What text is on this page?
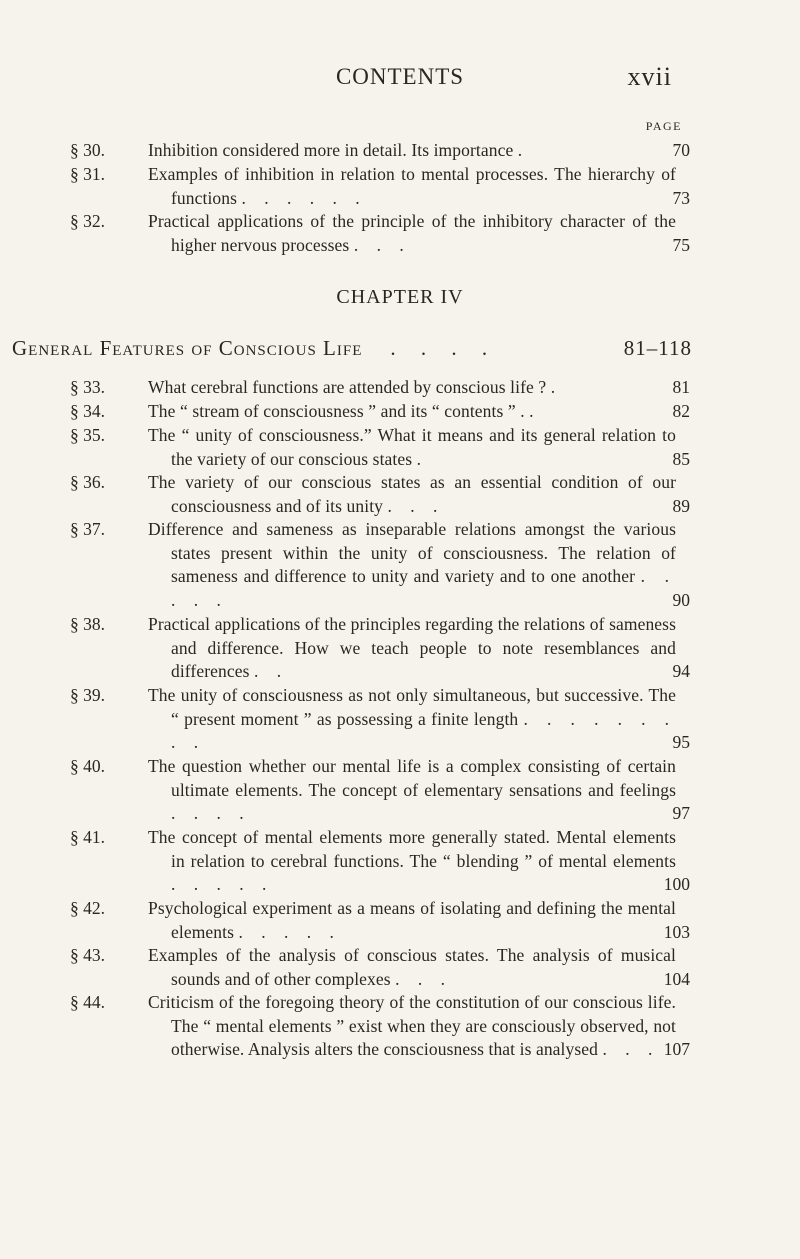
CONTENTS	xvii
PAGE
§ 30.	Inhibition considered more in detail. Its importance .	70
§ 31.	Examples of inhibition in relation to mental processes. The hierarchy of functions . . . . . .	73
§ 32.	Practical applications of the principle of the inhibitory character of the higher nervous processes . . .	75
CHAPTER IV
General Features of Conscious Life . . . .	81–118
§ 33.	What cerebral functions are attended by conscious life ? .	81
§ 34.	The “ stream of consciousness ” and its “ contents ” . .	82
§ 35.	The “ unity of consciousness.” What it means and its general relation to the variety of our conscious states .	85
§ 36.	The variety of our conscious states as an essential condition of our consciousness and of its unity . . .	89
§ 37.	Difference and sameness as inseparable relations amongst the various states present within the unity of consciousness. The relation of sameness and difference to unity and variety and to one another . . . . .	90
§ 38.	Practical applications of the principles regarding the relations of sameness and difference. How we teach people to note resemblances and differences . .	94
§ 39.	The unity of consciousness as not only simultaneous, but successive. The “ present moment ” as possessing a finite length . . . . . . . . .	95
§ 40.	The question whether our mental life is a complex consisting of certain ultimate elements. The concept of elementary sensations and feelings . . . .	97
§ 41.	The concept of mental elements more generally stated. Mental elements in relation to cerebral functions. The “ blending ” of mental elements . . . . .	100
§ 42.	Psychological experiment as a means of isolating and defining the mental elements . . . . .	103
§ 43.	Examples of the analysis of conscious states. The analysis of musical sounds and of other complexes . . .	104
§ 44.	Criticism of the foregoing theory of the constitution of our conscious life. The “ mental elements ” exist when they are consciously observed, not otherwise. Analysis alters the consciousness that is analysed . . . 107
